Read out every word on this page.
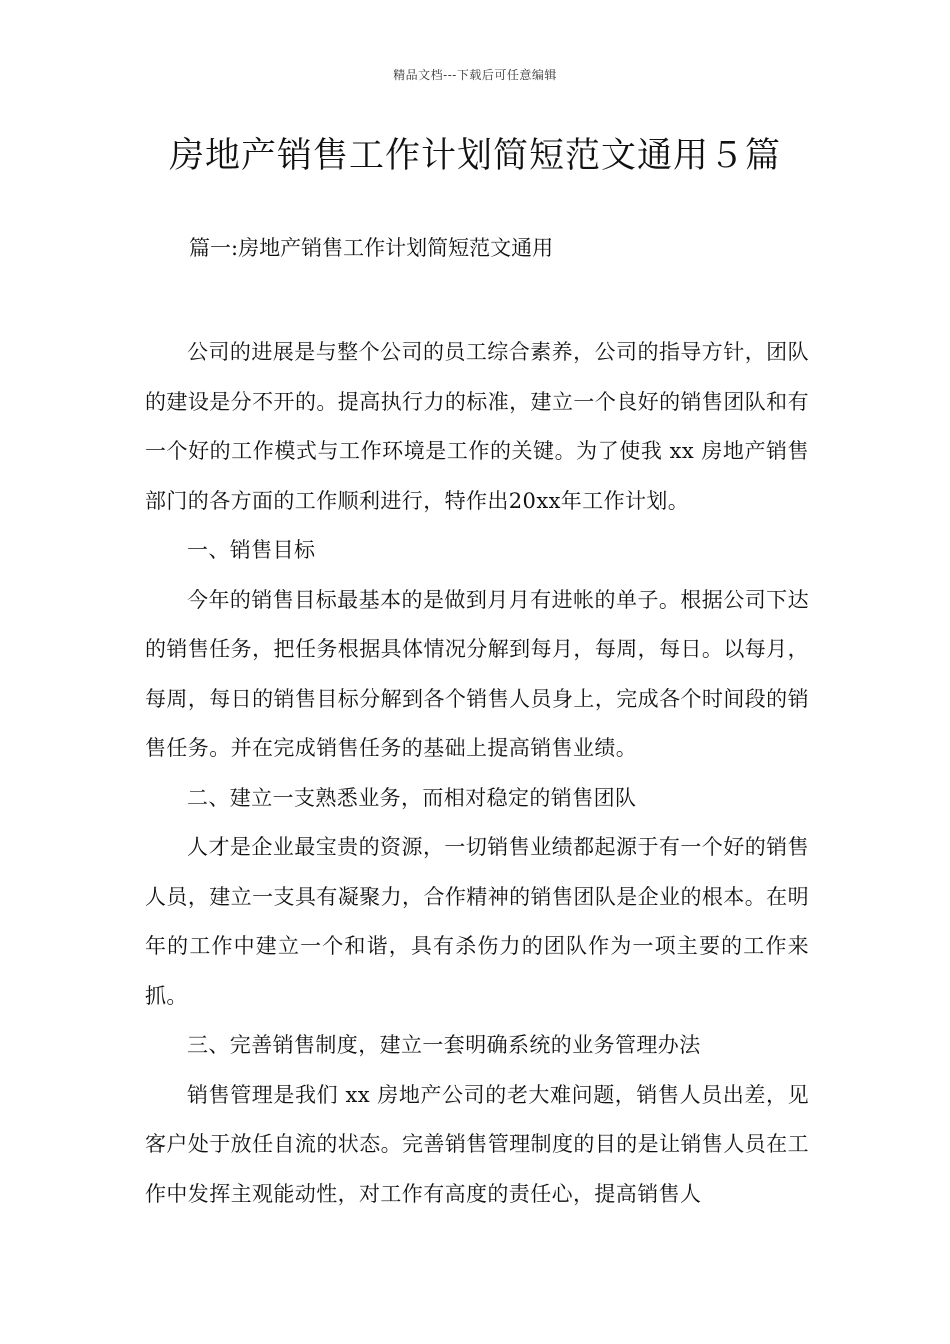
精品文档---下载后可任意编辑
房地产销售工作计划简短范文通用５篇
篇一:房地产销售工作计划简短范文通用

公司的进展是与整个公司的员工综合素养，公司的指导方针，团队的建设是分不开的。提高执行力的标准，建立一个良好的销售团队和有一个好的工作模式与工作环境是工作的关键。为了使我 xx 房地产销售部门的各方面的工作顺利进行，特作出20xx年工作计划。

一、销售目标

今年的销售目标最基本的是做到月月有进帐的单子。根据公司下达的销售任务，把任务根据具体情况分解到每月，每周，每日。以每月，每周，每日的销售目标分解到各个销售人员身上，完成各个时间段的销售任务。并在完成销售任务的基础上提高销售业绩。

二、建立一支熟悉业务，而相对稳定的销售团队

人才是企业最宝贵的资源，一切销售业绩都起源于有一个好的销售人员，建立一支具有凝聚力，合作精神的销售团队是企业的根本。在明年的工作中建立一个和谐，具有杀伤力的团队作为一项主要的工作来抓。

三、完善销售制度，建立一套明确系统的业务管理办法

销售管理是我们 xx 房地产公司的老大难问题，销售人员出差，见客户处于放任自流的状态。完善销售管理制度的目的是让销售人员在工作中发挥主观能动性，对工作有高度的责任心，提高销售人
